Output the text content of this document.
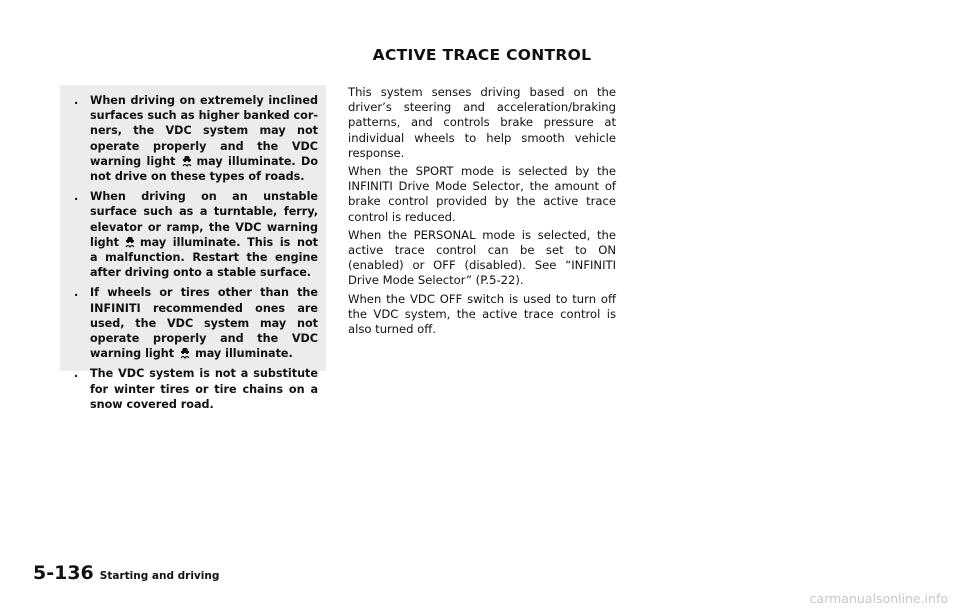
. When driving on extremely inclined surfaces such as higher banked corners, the VDC system may not operate properly and the VDC warning light may illuminate. Do not drive on these types of roads.
. When driving on an unstable surface such as a turntable, ferry, elevator or ramp, the VDC warning light may illuminate. This is not a malfunction. Restart the engine after driving onto a stable surface.
. If wheels or tires other than the INFINITI recommended ones are used, the VDC system may not operate properly and the VDC warning light may illuminate.
. The VDC system is not a substitute for winter tires or tire chains on a snow covered road.
ACTIVE TRACE CONTROL

This system senses driving based on the driver’s steering and acceleration/braking patterns, and controls brake pressure at individual wheels to help smooth vehicle response.

When the SPORT mode is selected by the INFINITI Drive Mode Selector, the amount of brake control provided by the active trace control is reduced.

When the PERSONAL mode is selected, the active trace control can be set to ON (enabled) or OFF (disabled). See “INFINITI Drive Mode Selector” (P.5-22).

When the VDC OFF switch is used to turn off the VDC system, the active trace control is also turned off.

5-136 Starting and driving
carmanualsonline.info
